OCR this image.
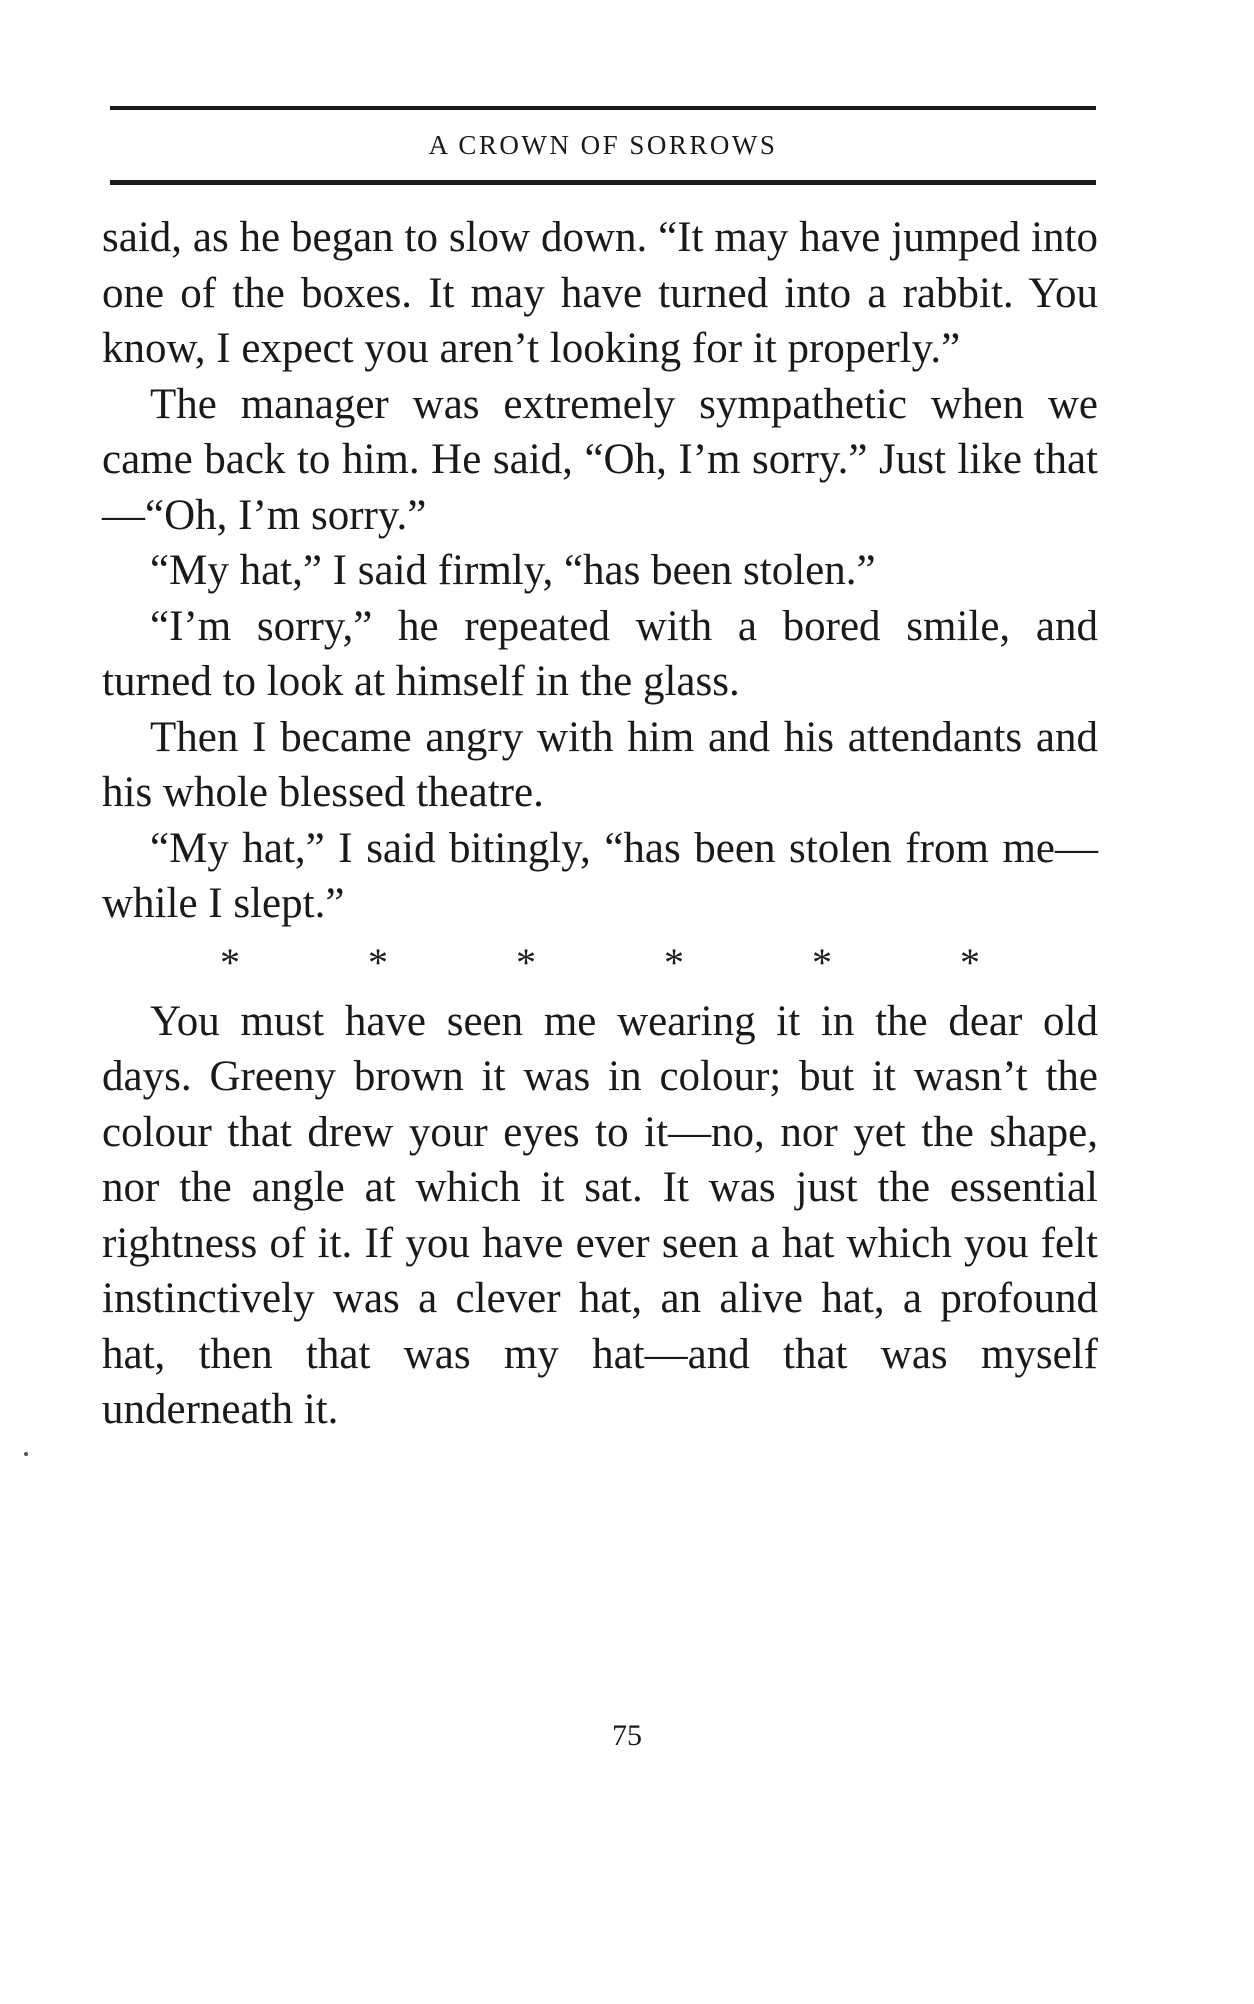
A CROWN OF SORROWS

said, as he began to slow down. “It may have jumped into one of the boxes. It may have turned into a rabbit. You know, I expect you aren’t looking for it properly.”

The manager was extremely sympathetic when we came back to him. He said, “Oh, I’m sorry.” Just like that—“Oh, I’m sorry.”

“My hat,” I said firmly, “has been stolen.”

“I’m sorry,” he repeated with a bored smile, and turned to look at himself in the glass.

Then I became angry with him and his attendants and his whole blessed theatre.

“My hat,” I said bitingly, “has been stolen from me—while I slept.”

*	*	*	*	*	*

You must have seen me wearing it in the dear old days. Greeny brown it was in colour; but it wasn’t the colour that drew your eyes to it—no, nor yet the shape, nor the angle at which it sat. It was just the essential rightness of it. If you have ever seen a hat which you felt instinctively was a clever hat, an alive hat, a profound hat, then that was my hat—and that was myself underneath it.

75
